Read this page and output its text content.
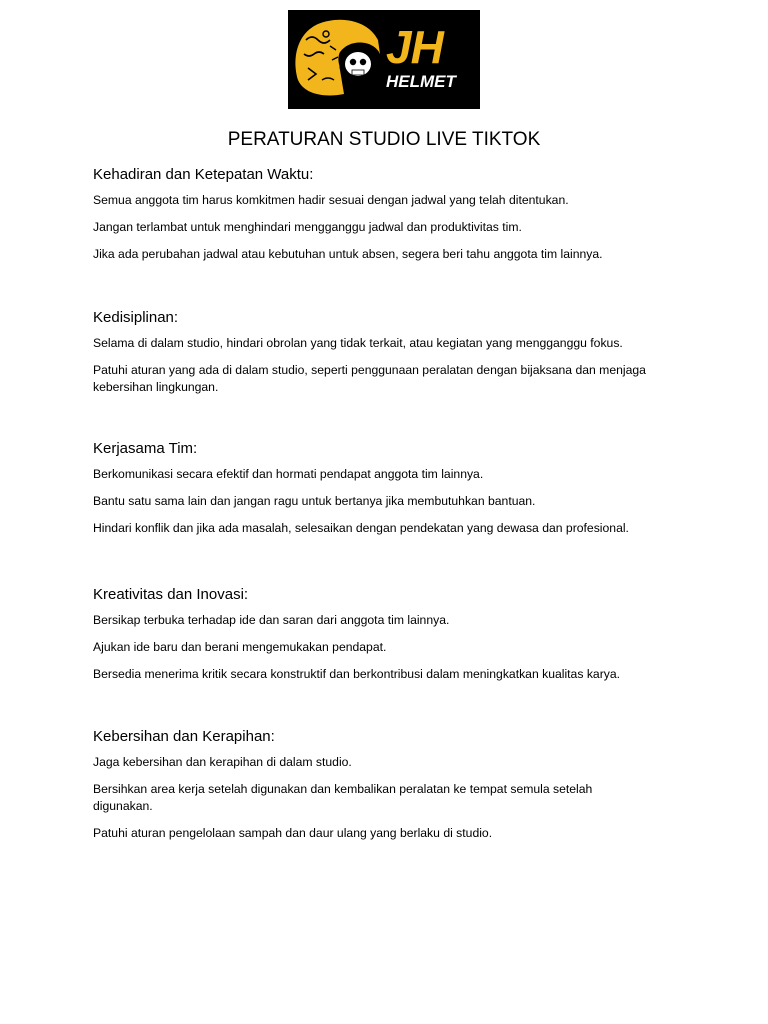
JH
HELMET
PERATURAN STUDIO LIVE TIKTOK
Kehadiran dan Ketepatan Waktu:

Semua anggota tim harus komkitmen hadir sesuai dengan jadwal yang telah ditentukan.

Jangan terlambat untuk menghindari mengganggu jadwal dan produktivitas tim.

Jika ada perubahan jadwal atau kebutuhan untuk absen, segera beri tahu anggota tim lainnya.

Kedisiplinan:

Selama di dalam studio, hindari obrolan yang tidak terkait, atau kegiatan yang mengganggu fokus.

Patuhi aturan yang ada di dalam studio, seperti penggunaan peralatan dengan bijaksana dan menjaga kebersihan lingkungan.

Kerjasama Tim:

Berkomunikasi secara efektif dan hormati pendapat anggota tim lainnya.

Bantu satu sama lain dan jangan ragu untuk bertanya jika membutuhkan bantuan.

Hindari konflik dan jika ada masalah, selesaikan dengan pendekatan yang dewasa dan profesional.

Kreativitas dan Inovasi:

Bersikap terbuka terhadap ide dan saran dari anggota tim lainnya.

Ajukan ide baru dan berani mengemukakan pendapat.

Bersedia menerima kritik secara konstruktif dan berkontribusi dalam meningkatkan kualitas karya.

Kebersihan dan Kerapihan:

Jaga kebersihan dan kerapihan di dalam studio.

Bersihkan area kerja setelah digunakan dan kembalikan peralatan ke tempat semula setelah digunakan.

Patuhi aturan pengelolaan sampah dan daur ulang yang berlaku di studio.
